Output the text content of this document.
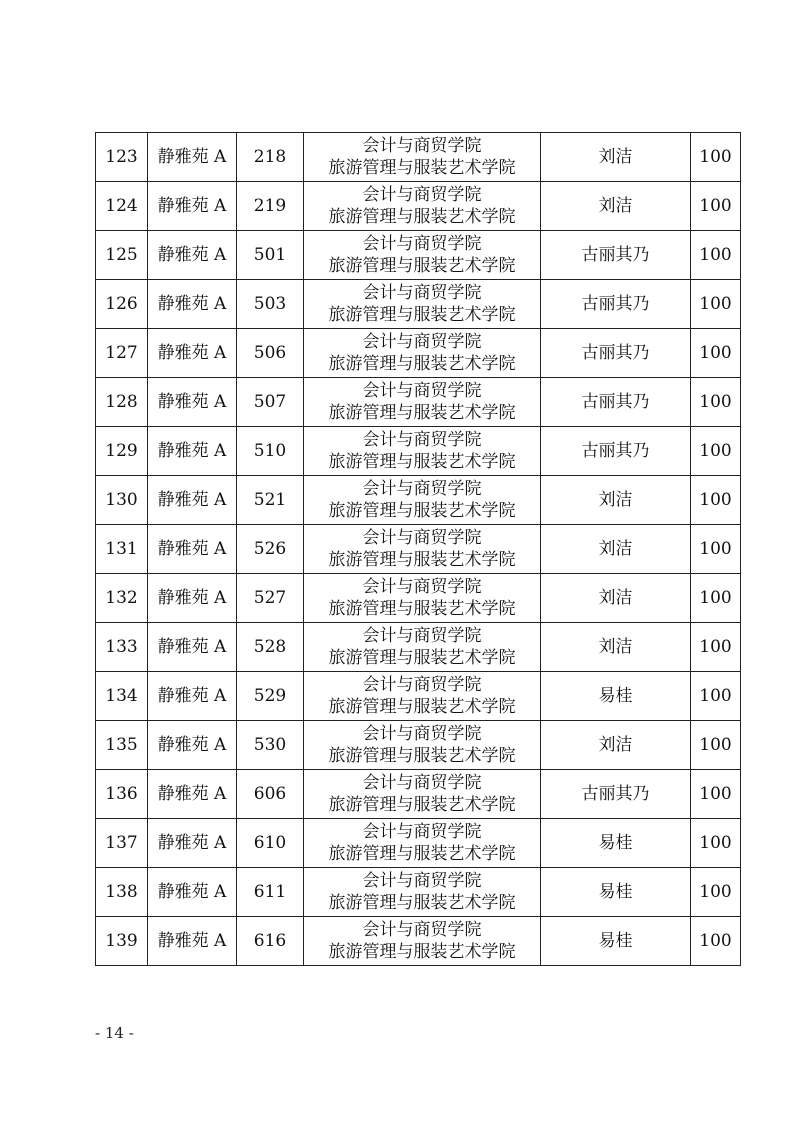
123	静雅苑 A	218	会计与商贸学院
旅游管理与服装艺术学院	刘洁	100
124	静雅苑 A	219	会计与商贸学院
旅游管理与服装艺术学院	刘洁	100
125	静雅苑 A	501	会计与商贸学院
旅游管理与服装艺术学院	古丽其乃	100
126	静雅苑 A	503	会计与商贸学院
旅游管理与服装艺术学院	古丽其乃	100
127	静雅苑 A	506	会计与商贸学院
旅游管理与服装艺术学院	古丽其乃	100
128	静雅苑 A	507	会计与商贸学院
旅游管理与服装艺术学院	古丽其乃	100
129	静雅苑 A	510	会计与商贸学院
旅游管理与服装艺术学院	古丽其乃	100
130	静雅苑 A	521	会计与商贸学院
旅游管理与服装艺术学院	刘洁	100
131	静雅苑 A	526	会计与商贸学院
旅游管理与服装艺术学院	刘洁	100
132	静雅苑 A	527	会计与商贸学院
旅游管理与服装艺术学院	刘洁	100
133	静雅苑 A	528	会计与商贸学院
旅游管理与服装艺术学院	刘洁	100
134	静雅苑 A	529	会计与商贸学院
旅游管理与服装艺术学院	易桂	100
135	静雅苑 A	530	会计与商贸学院
旅游管理与服装艺术学院	刘洁	100
136	静雅苑 A	606	会计与商贸学院
旅游管理与服装艺术学院	古丽其乃	100
137	静雅苑 A	610	会计与商贸学院
旅游管理与服装艺术学院	易桂	100
138	静雅苑 A	611	会计与商贸学院
旅游管理与服装艺术学院	易桂	100
139	静雅苑 A	616	会计与商贸学院
旅游管理与服装艺术学院	易桂	100
- 14 -
